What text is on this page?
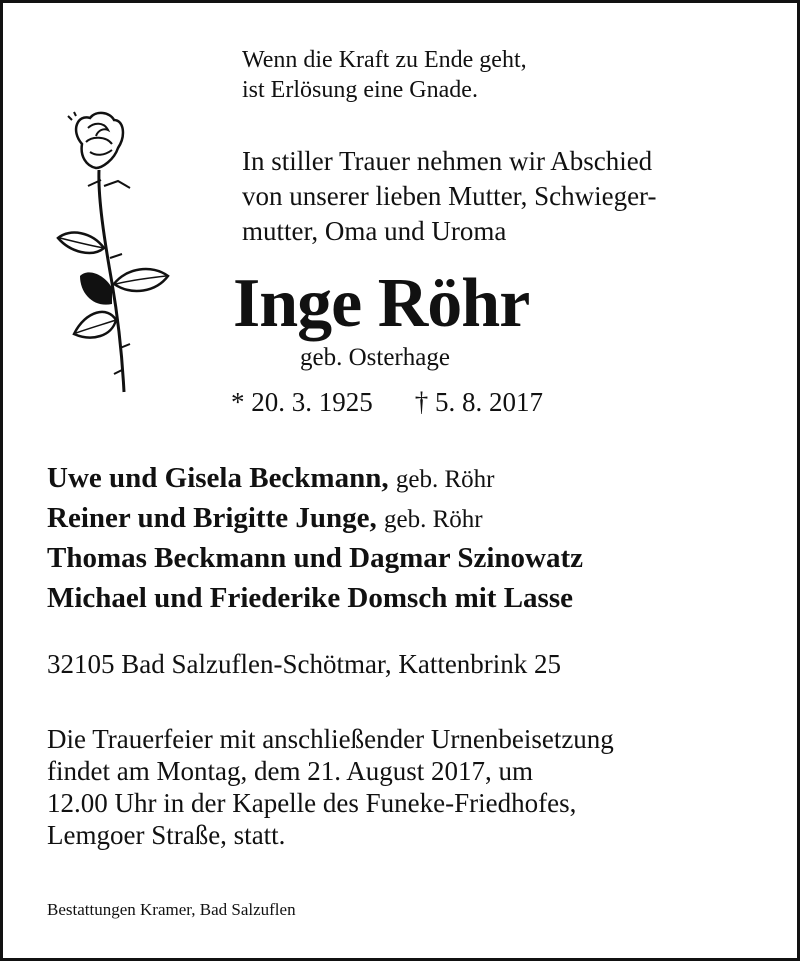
Wenn die Kraft zu Ende geht,
ist Erlösung eine Gnade.
In stiller Trauer nehmen wir Abschied
von unserer lieben Mutter, Schwieger-
mutter, Oma und Uroma
Inge Röhr
geb. Osterhage
* 20. 3. 1925 † 5. 8. 2017
Uwe und Gisela Beckmann, geb. Röhr
Reiner und Brigitte Junge, geb. Röhr
Thomas Beckmann und Dagmar Szinowatz
Michael und Friederike Domsch mit Lasse
32105 Bad Salzuflen-Schötmar, Kattenbrink 25
Die Trauerfeier mit anschließender Urnenbeisetzung
findet am Montag, dem 21. August 2017, um
12.00 Uhr in der Kapelle des Funeke-Friedhofes,
Lemgoer Straße, statt.
Bestattungen Kramer, Bad Salzuflen
